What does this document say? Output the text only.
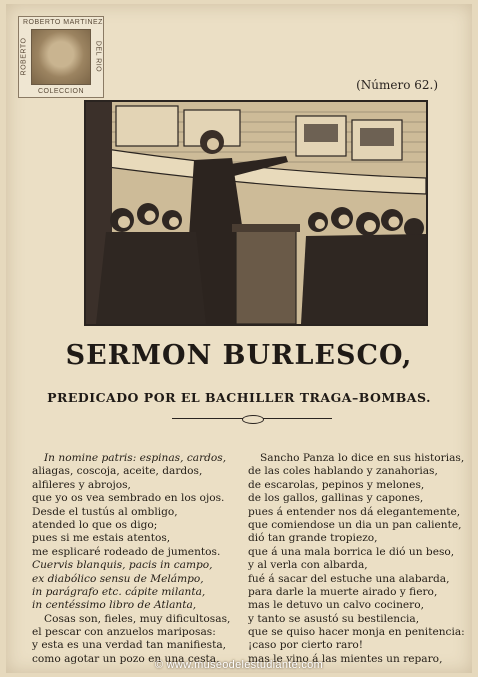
ROBERTO MARTINEZ
ROBERTO	DEL RIO
COLECCION	(Número 62.)
SERMON BURLESCO,
PREDICADO POR EL BACHILLER TRAGA–BOMBAS.
In nomine patris: espinas, cardos,
aliagas, coscoja, aceite, dardos,
alfileres y abrojos,
que yo os vea sembrado en los ojos.
Desde el tustús al ombligo,
atended lo que os digo;
pues si me estais atentos,
me esplicaré rodeado de jumentos.
Cuervis blanquis, pacis in campo,
ex diabólico sensu de Melámpo,
in parágrafo etc. cápite milanta,
in centéssimo libro de Atlanta,
Cosas son, fieles, muy dificultosas,
el pescar con anzuelos mariposas:
y esta es una verdad tan manifiesta,
como agotar un pozo en una cesta,
Sancho Panza lo dice en sus historias,
de las coles hablando y zanahorias,
de escarolas, pepinos y melones,
de los gallos, gallinas y capones,
pues á entender nos dá elegantemente,
que comiendose un dia un pan caliente,
dió tan grande tropiezo,
que á una mala borrica le dió un beso,
y al verla con albarda,
fué á sacar del estuche una alabarda,
para darle la muerte airado y fiero,
mas le detuvo un calvo cocinero,
y tanto se asustó su bestilencia,
que se quiso hacer monja en penitencia:
¡caso por cierto raro!
mas le vino á las mientes un reparo,
© www.museodelestudiante.com
